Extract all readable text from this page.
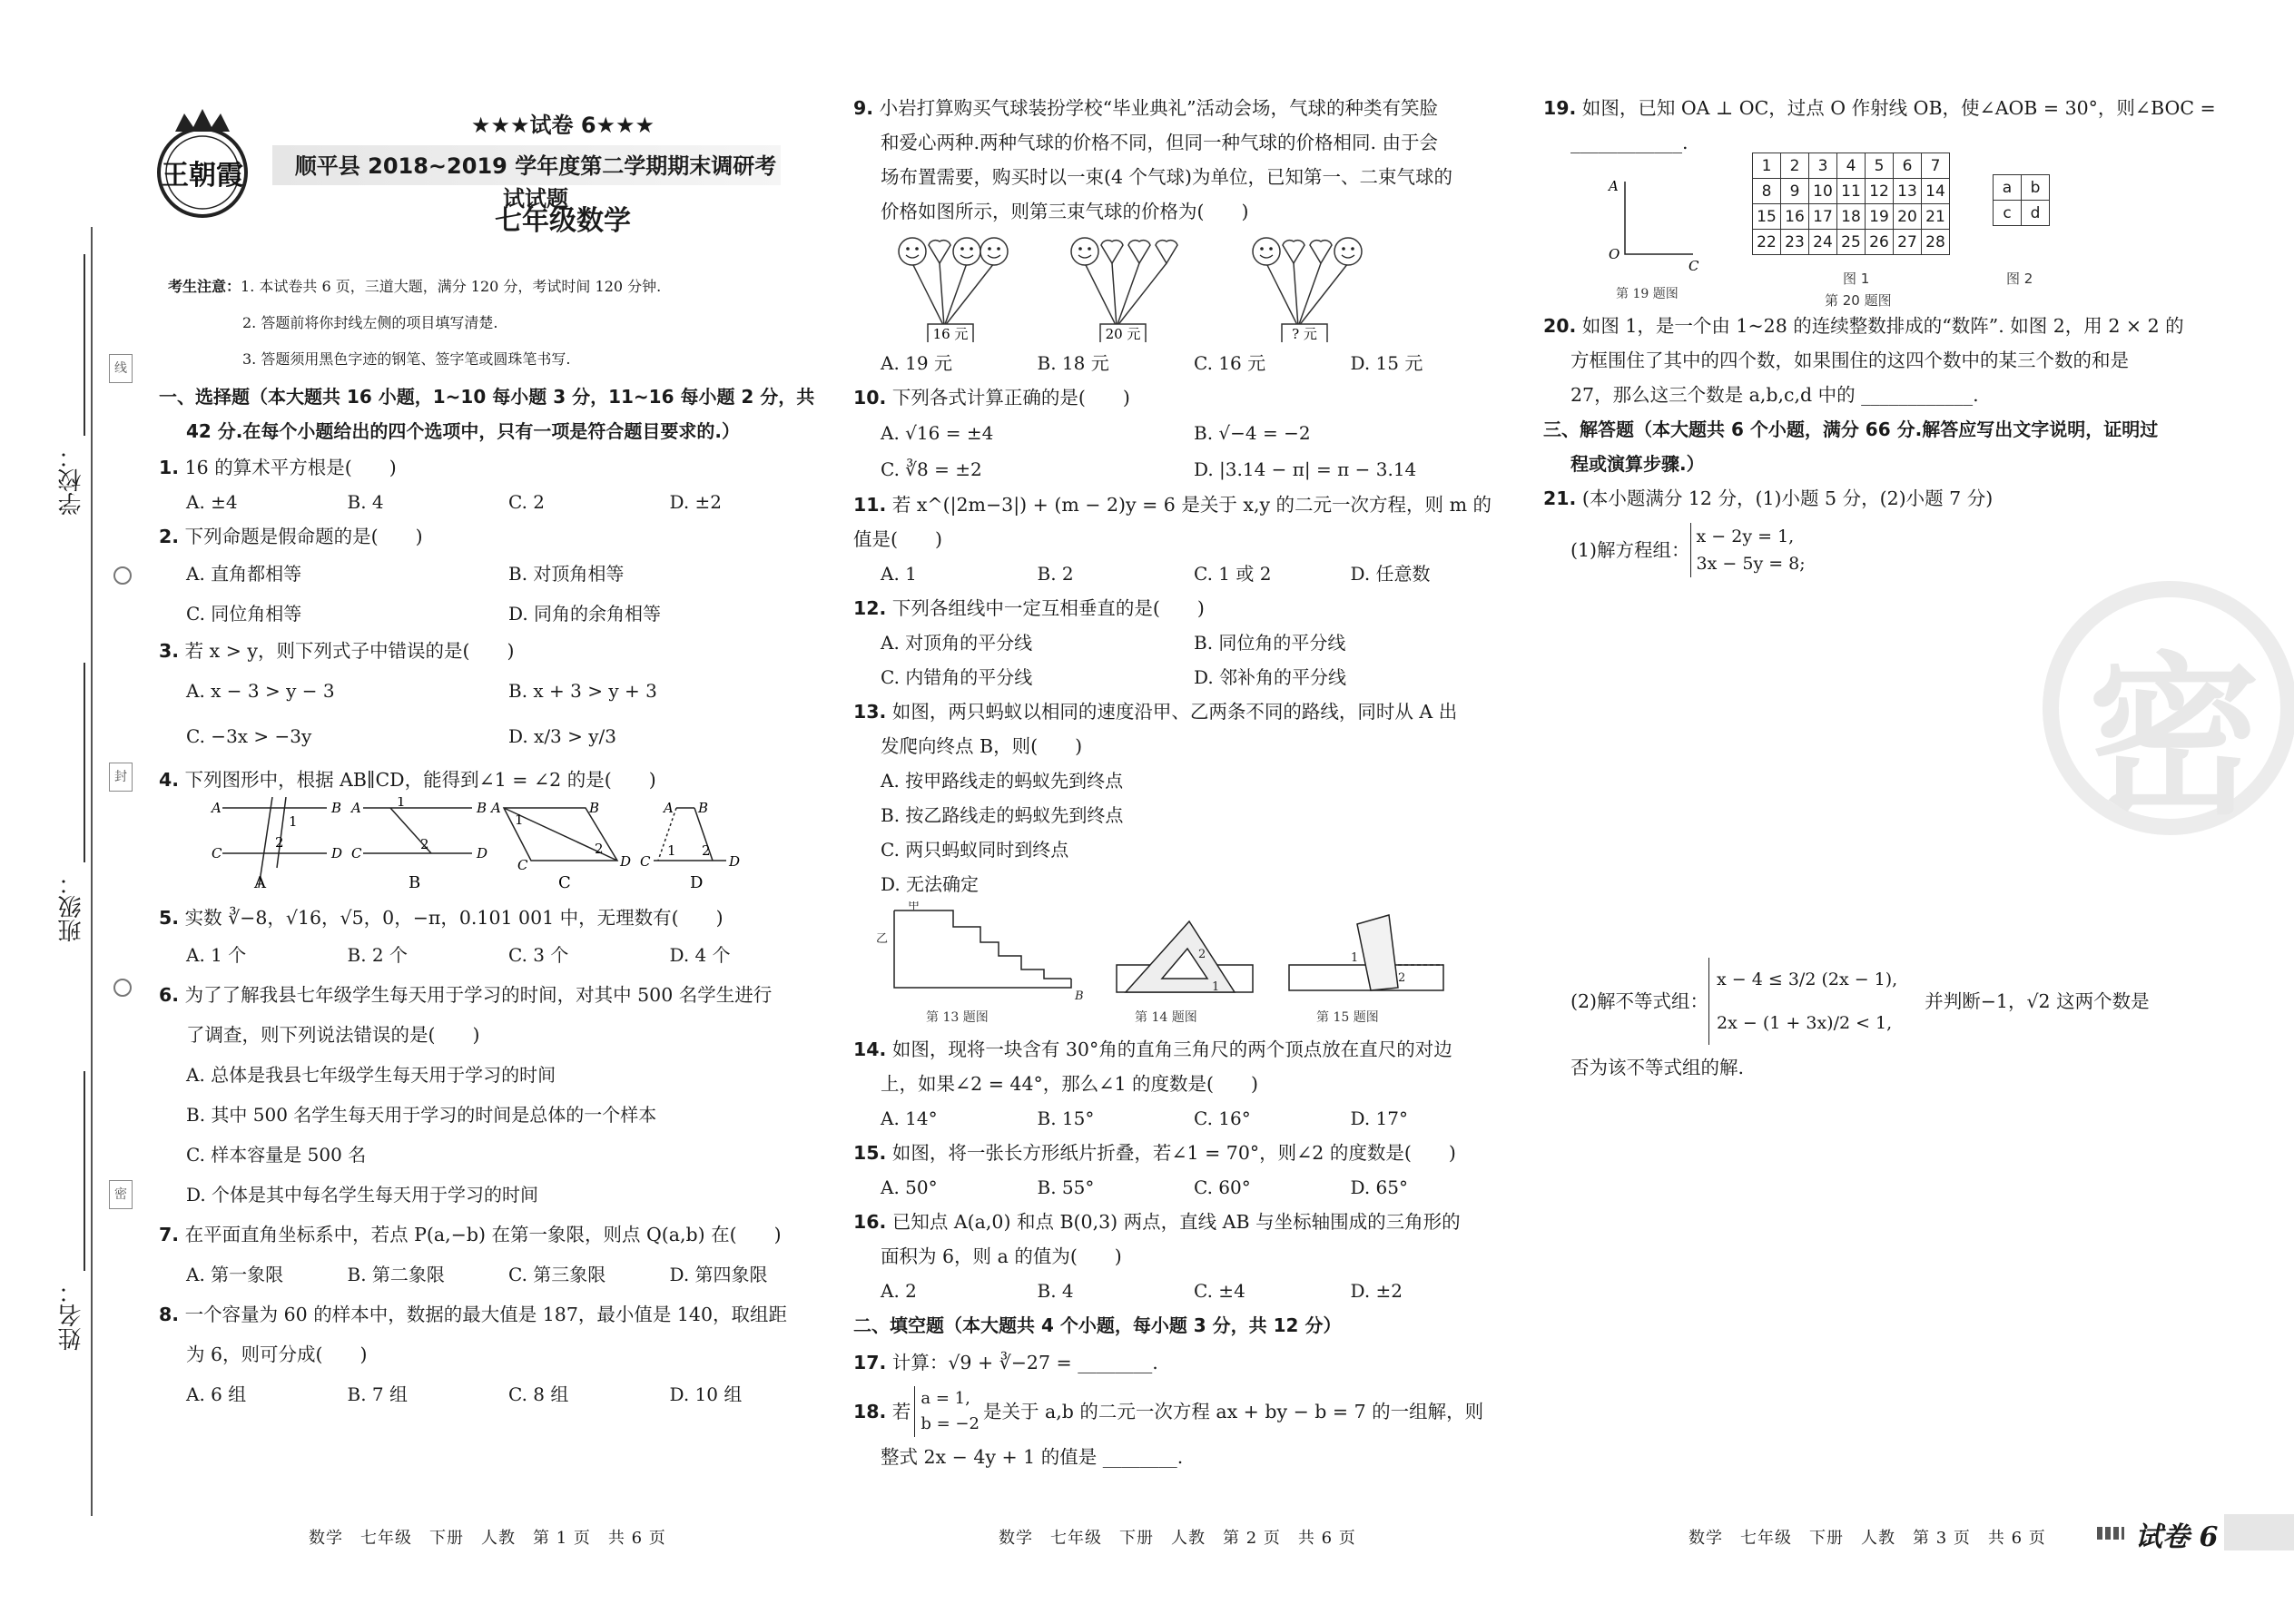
学校：
班级：
姓名：
线
封
密
王朝霞
★★★试卷 6★★★
顺平县 2018~2019 学年度第二学期期末调研考试试题
七年级数学
考生注意：1. 本试卷共 6 页，三道大题，满分 120 分，考试时间 120 分钟.
2. 答题前将你封线左侧的项目填写清楚.
3. 答题须用黑色字迹的钢笔、签字笔或圆珠笔书写.
一、选择题（本大题共 16 小题，1~10 每小题 3 分，11~16 每小题 2 分，共
42 分.在每个小题给出的四个选项中，只有一项是符合题目要求的.）
1. 16 的算术平方根是(　　)
A. ±4	B. 4	C. 2	D. ±2
2. 下列命题是假命题的是(　　)
A. 直角都相等	B. 对顶角相等
C. 同位角相等	D. 同角的余角相等
3. 若 x > y，则下列式子中错误的是(　　)
A. x − 3 > y − 3	B. x + 3 > y + 3
C. −3x > −3y	D. x/3 > y/3
4. 下列图形中，根据 AB∥CD，能得到∠1 = ∠2 的是(　　)
A	B
C	D
1
2
A	B
C	D
1
2
A	B
C	D
1
2
A B
C	D
1 2
A	B	C	D
5. 实数 ∛−8，√16，√5，0，−π，0.101 001 中，无理数有(　　)
A. 1 个	B. 2 个	C. 3 个	D. 4 个
6. 为了了解我县七年级学生每天用于学习的时间，对其中 500 名学生进行
了调查，则下列说法错误的是(　　)
A. 总体是我县七年级学生每天用于学习的时间
B. 其中 500 名学生每天用于学习的时间是总体的一个样本
C. 样本容量是 500 名
D. 个体是其中每名学生每天用于学习的时间
7. 在平面直角坐标系中，若点 P(a,−b) 在第一象限，则点 Q(a,b) 在(　　)
A. 第一象限	B. 第二象限	C. 第三象限	D. 第四象限
8. 一个容量为 60 的样本中，数据的最大值是 187，最小值是 140，取组距
为 6，则可分成(　　)
A. 6 组	B. 7 组	C. 8 组	D. 10 组
9. 小岩打算购买气球装扮学校“毕业典礼”活动会场，气球的种类有笑脸
和爱心两种.两种气球的价格不同，但同一种气球的价格相同. 由于会
场布置需要，购买时以一束(4 个气球)为单位，已知第一、二束气球的
价格如图所示，则第三束气球的价格为(　　)
16 元	20 元	? 元
A. 19 元	B. 18 元	C. 16 元	D. 15 元
10. 下列各式计算正确的是(　　)
A. √16 = ±4	B. √−4 = −2
C. ∛8 = ±2	D. |3.14 − π| = π − 3.14
11. 若 x^(|2m−3|) + (m − 2)y = 6 是关于 x,y 的二元一次方程，则 m 的值是(　　)
A. 1	B. 2	C. 1 或 2	D. 任意数
12. 下列各组线中一定互相垂直的是(　　)
A. 对顶角的平分线	B. 同位角的平分线
C. 内错角的平分线	D. 邻补角的平分线
13. 如图，两只蚂蚁以相同的速度沿甲、乙两条不同的路线，同时从 A 出
发爬向终点 B，则(　　)
A. 按甲路线走的蚂蚁先到终点
B. 按乙路线走的蚂蚁先到终点
C. 两只蚂蚁同时到终点
D. 无法确定
甲
乙
B
2
1
1
2
第 13 题图	第 14 题图	第 15 题图
14. 如图，现将一块含有 30°角的直角三角尺的两个顶点放在直尺的对边
上，如果∠2 = 44°，那么∠1 的度数是(　　)
A. 14°	B. 15°	C. 16°	D. 17°
15. 如图，将一张长方形纸片折叠，若∠1 = 70°，则∠2 的度数是(　　)
A. 50°	B. 55°	C. 60°	D. 65°
16. 已知点 A(a,0) 和点 B(0,3) 两点，直线 AB 与坐标轴围成的三角形的
面积为 6，则 a 的值为(　　)
A. 2	B. 4	C. ±4	D. ±2
二、填空题（本大题共 4 个小题，每小题 3 分，共 12 分）
17. 计算：√9 + ∛−27 = ________.
18.
若
a = 1,
b = −2
是关于 a,b 的二元一次方程 ax + by − b = 7 的一组解，则
整式 2x − 4y + 1 的值是 ________.
19. 如图，已知 OA ⊥ OC，过点 O 作射线 OB，使∠AOB = 30°，则∠BOC =
____________.
A
O
C
第 19 题图
1	2	3	4	5	6	7
8	9	10	11	12	13	14
15	16	17	18	19	20	21
22	23	24	25	26	27	28
a	b
c	d
图 1	图 2
第 20 题图
20. 如图 1，是一个由 1~28 的连续整数排成的“数阵”. 如图 2，用 2 × 2 的
方框围住了其中的四个数，如果围住的这四个数中的某三个数的和是
27，那么这三个数是 a,b,c,d 中的 ____________.
三、解答题（本大题共 6 个小题，满分 66 分.解答应写出文字说明，证明过
程或演算步骤.）
21. (本小题满分 12 分，(1)小题 5 分，(2)小题 7 分)
(1)解方程组：
x − 2y = 1,
3x − 5y = 8;
(2)解不等式组：
x − 4 ≤ 3/2 (2x − 1),
2x − (1 + 3x)/2 < 1,
并判断−1，√2 这两个数是
否为该不等式组的解.
密
数学　七年级　下册　人教　第 1 页　共 6 页	数学　七年级　下册　人教　第 2 页　共 6 页	数学　七年级　下册　人教　第 3 页　共 6 页	试卷 6
